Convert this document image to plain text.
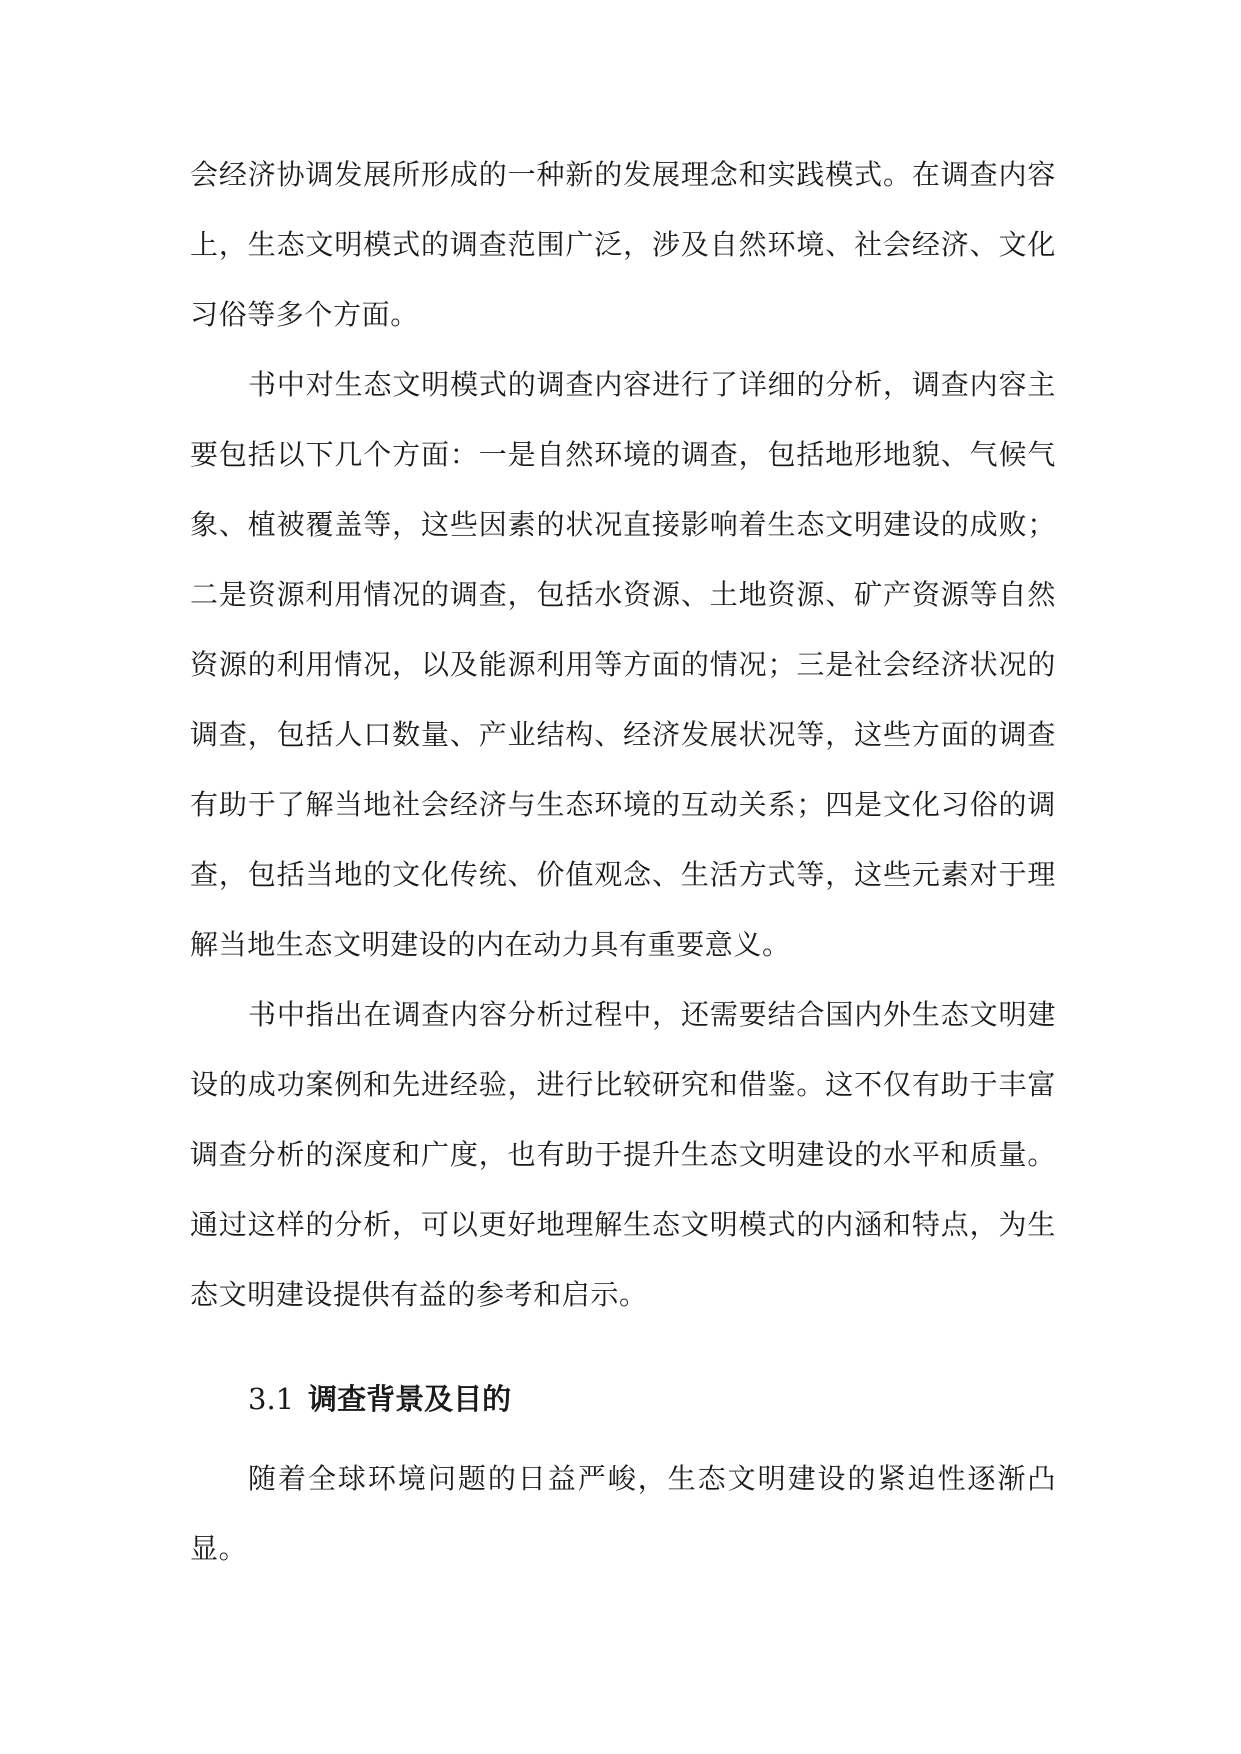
会经济协调发展所形成的一种新的发展理念和实践模式。在调查内容上，生态文明模式的调查范围广泛，涉及自然环境、社会经济、文化习俗等多个方面。

书中对生态文明模式的调查内容进行了详细的分析，调查内容主要包括以下几个方面：一是自然环境的调查，包括地形地貌、气候气象、植被覆盖等，这些因素的状况直接影响着生态文明建设的成败；二是资源利用情况的调查，包括水资源、土地资源、矿产资源等自然资源的利用情况，以及能源利用等方面的情况；三是社会经济状况的调查，包括人口数量、产业结构、经济发展状况等，这些方面的调查有助于了解当地社会经济与生态环境的互动关系；四是文化习俗的调查，包括当地的文化传统、价值观念、生活方式等，这些元素对于理解当地生态文明建设的内在动力具有重要意义。

书中指出在调查内容分析过程中，还需要结合国内外生态文明建设的成功案例和先进经验，进行比较研究和借鉴。这不仅有助于丰富调查分析的深度和广度，也有助于提升生态文明建设的水平和质量。通过这样的分析，可以更好地理解生态文明模式的内涵和特点，为生态文明建设提供有益的参考和启示。

3.1 调查背景及目的

随着全球环境问题的日益严峻，生态文明建设的紧迫性逐渐凸显。
